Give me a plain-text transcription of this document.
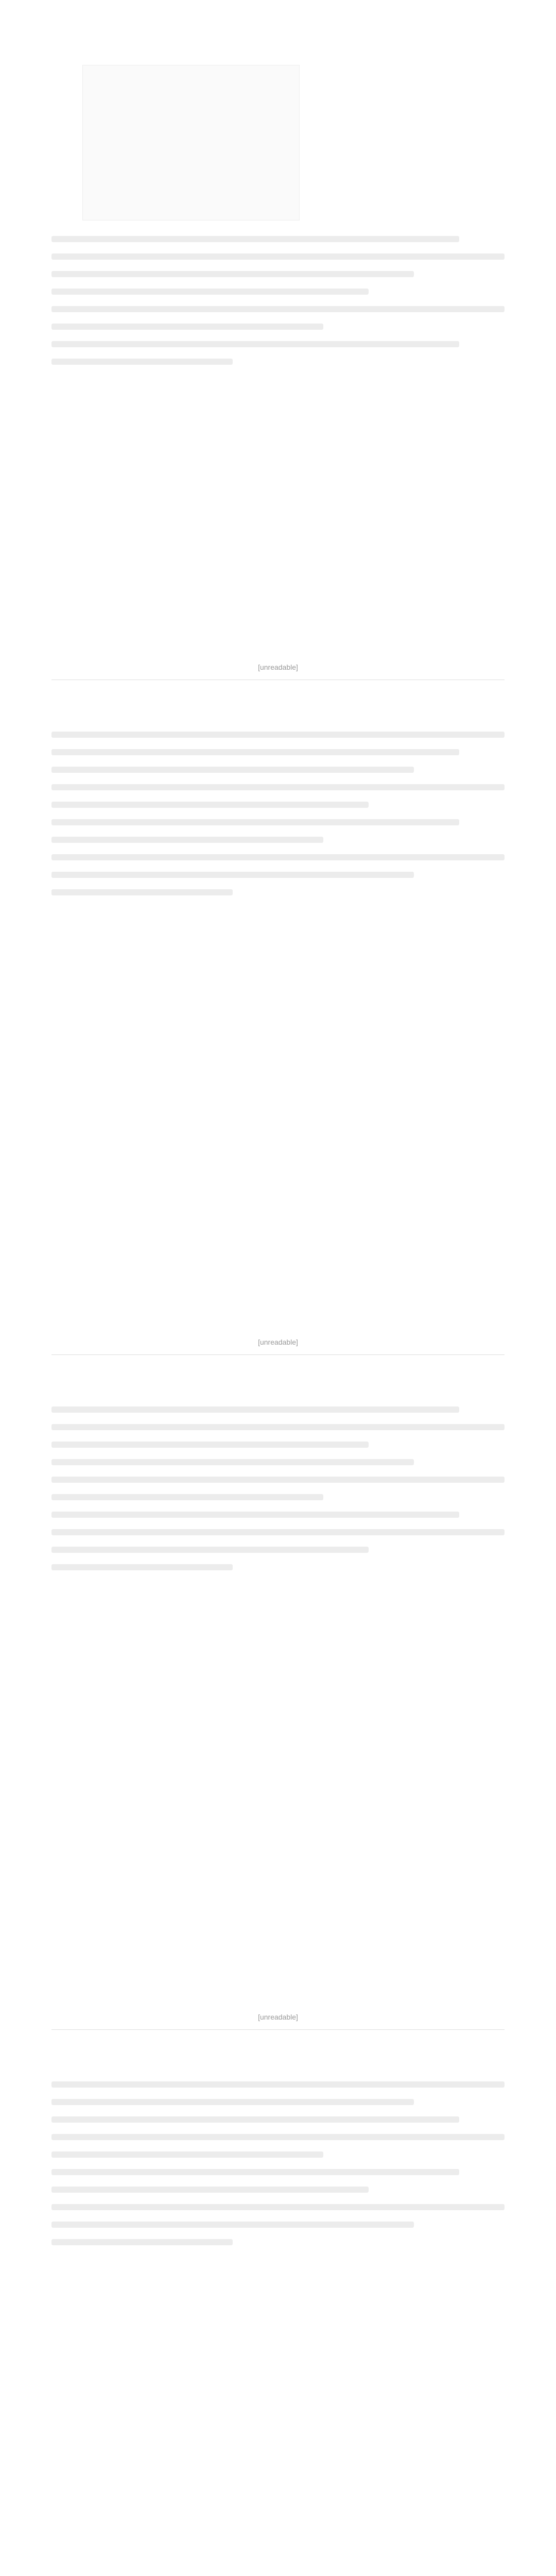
[unreadable]
[unreadable]
[unreadable]
